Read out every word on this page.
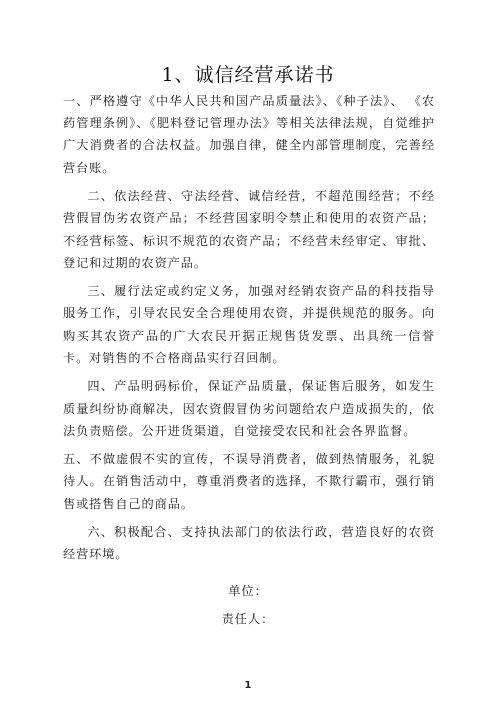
1、诚信经营承诺书

一、严格遵守《中华人民共和国产品质量法》、《种子法》、 《农药管理条例》、《肥料登记管理办法》等相关法律法规，自觉维护广大消费者的合法权益。加强自律，健全内部管理制度，完善经营台账。

二、依法经营、守法经营、诚信经营，不超范围经营；不经营假冒伪劣农资产品；不经营国家明令禁止和使用的农资产品；不经营标签、标识不规范的农资产品；不经营未经审定、审批、登记和过期的农资产品。

三、履行法定或约定义务，加强对经销农资产品的科技指导服务工作，引导农民安全合理使用农资，并提供规范的服务。向购买其农资产品的广大农民开据正规售货发票、出具统一信誉卡。对销售的不合格商品实行召回制。

四、产品明码标价，保证产品质量，保证售后服务，如发生质量纠纷协商解决，因农资假冒伪劣问题给农户造成损失的，依法负责赔偿。公开进货渠道，自觉接受农民和社会各界监督。

五、不做虚假不实的宣传，不误导消费者，做到热情服务，礼貌待人。在销售活动中，尊重消费者的选择，不欺行霸市，强行销售或搭售自己的商品。

六、积极配合、支持执法部门的依法行政，营造良好的农资经营环境。

单位：
责任人：
1
